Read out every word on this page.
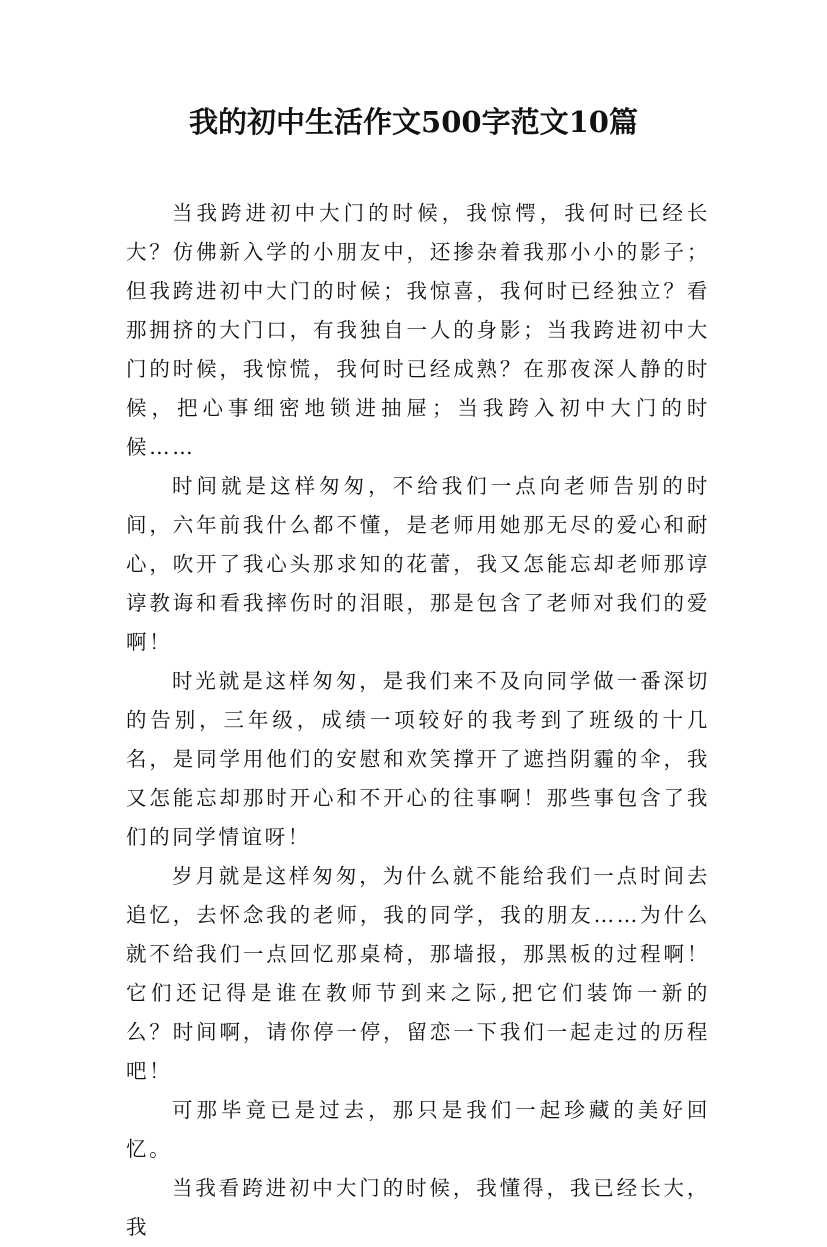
我的初中生活作文500字范文10篇

当我跨进初中大门的时候，我惊愕，我何时已经长大？仿佛新入学的小朋友中，还掺杂着我那小小的影子；但我跨进初中大门的时候；我惊喜，我何时已经独立？看那拥挤的大门口，有我独自一人的身影；当我跨进初中大门的时候，我惊慌，我何时已经成熟？在那夜深人静的时候，把心事细密地锁进抽屉；当我跨入初中大门的时候……

时间就是这样匆匆，不给我们一点向老师告别的时间，六年前我什么都不懂，是老师用她那无尽的爱心和耐心，吹开了我心头那求知的花蕾，我又怎能忘却老师那谆谆教诲和看我摔伤时的泪眼，那是包含了老师对我们的爱啊！

时光就是这样匆匆，是我们来不及向同学做一番深切的告别，三年级，成绩一项较好的我考到了班级的十几名，是同学用他们的安慰和欢笑撑开了遮挡阴霾的伞，我又怎能忘却那时开心和不开心的往事啊！那些事包含了我们的同学情谊呀！

岁月就是这样匆匆，为什么就不能给我们一点时间去追忆，去怀念我的老师，我的同学，我的朋友……为什么就不给我们一点回忆那桌椅，那墙报，那黑板的过程啊！它们还记得是谁在教师节到来之际,把它们装饰一新的么？时间啊，请你停一停，留恋一下我们一起走过的历程吧！

可那毕竟已是过去，那只是我们一起珍藏的美好回忆。

当我看跨进初中大门的时候，我懂得，我已经长大，我
